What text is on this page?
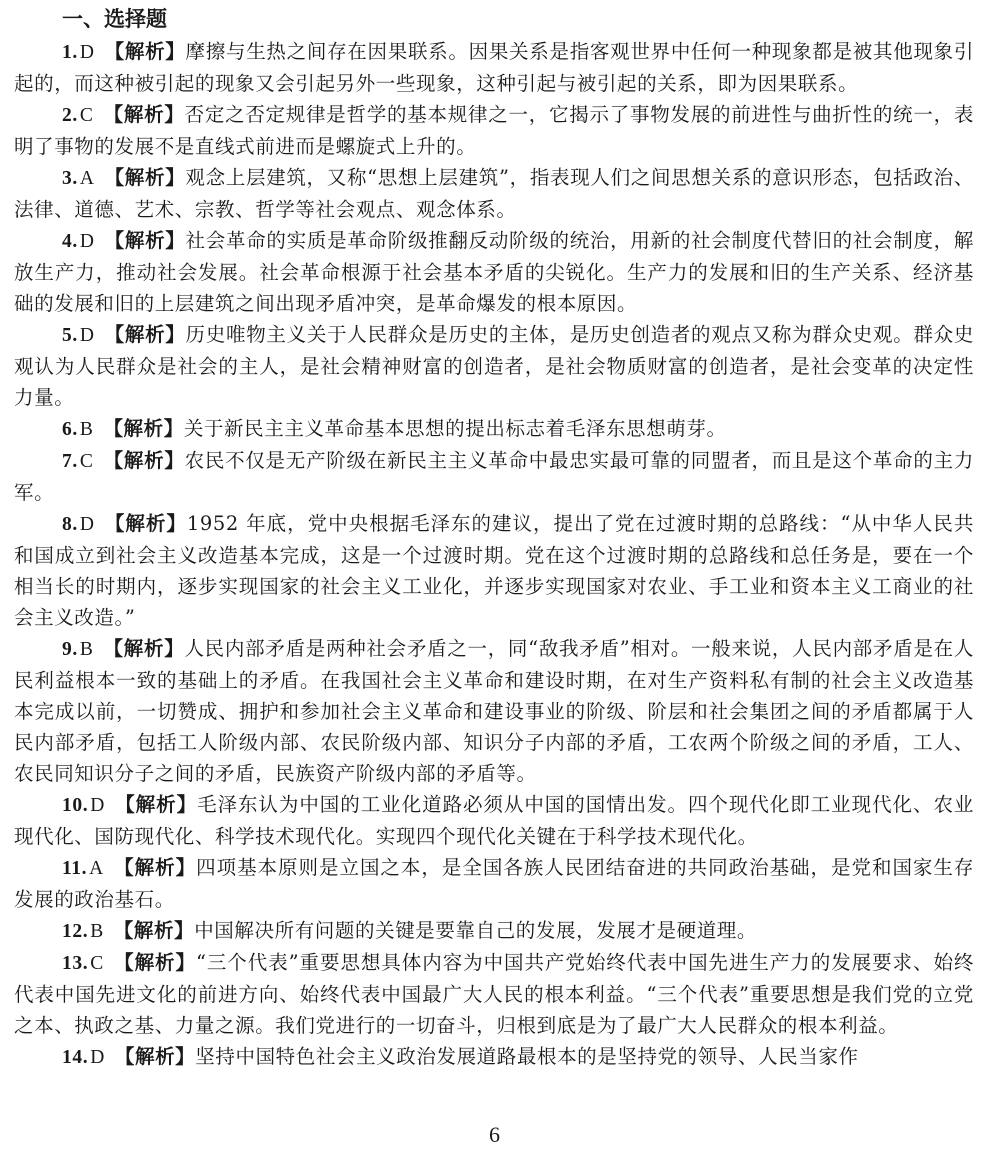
一、选择题

1. D 【解析】摩擦与生热之间存在因果联系。因果关系是指客观世界中任何一种现象都是被其他现象引起的，而这种被引起的现象又会引起另外一些现象，这种引起与被引起的关系，即为因果联系。

2. C 【解析】否定之否定规律是哲学的基本规律之一，它揭示了事物发展的前进性与曲折性的统一，表明了事物的发展不是直线式前进而是螺旋式上升的。

3. A 【解析】观念上层建筑，又称“思想上层建筑”，指表现人们之间思想关系的意识形态，包括政治、法律、道德、艺术、宗教、哲学等社会观点、观念体系。

4. D 【解析】社会革命的实质是革命阶级推翻反动阶级的统治，用新的社会制度代替旧的社会制度，解放生产力，推动社会发展。社会革命根源于社会基本矛盾的尖锐化。生产力的发展和旧的生产关系、经济基础的发展和旧的上层建筑之间出现矛盾冲突，是革命爆发的根本原因。

5. D 【解析】历史唯物主义关于人民群众是历史的主体，是历史创造者的观点又称为群众史观。群众史观认为人民群众是社会的主人，是社会精神财富的创造者，是社会物质财富的创造者，是社会变革的决定性力量。

6. B 【解析】关于新民主主义革命基本思想的提出标志着毛泽东思想萌芽。

7. C 【解析】农民不仅是无产阶级在新民主主义革命中最忠实最可靠的同盟者，而且是这个革命的主力军。

8. D 【解析】1952 年底，党中央根据毛泽东的建议，提出了党在过渡时期的总路线：“从中华人民共和国成立到社会主义改造基本完成，这是一个过渡时期。党在这个过渡时期的总路线和总任务是，要在一个相当长的时期内，逐步实现国家的社会主义工业化，并逐步实现国家对农业、手工业和资本主义工商业的社会主义改造。”

9. B 【解析】人民内部矛盾是两种社会矛盾之一，同“敌我矛盾”相对。一般来说，人民内部矛盾是在人民利益根本一致的基础上的矛盾。在我国社会主义革命和建设时期，在对生产资料私有制的社会主义改造基本完成以前，一切赞成、拥护和参加社会主义革命和建设事业的阶级、阶层和社会集团之间的矛盾都属于人民内部矛盾，包括工人阶级内部、农民阶级内部、知识分子内部的矛盾，工农两个阶级之间的矛盾，工人、农民同知识分子之间的矛盾，民族资产阶级内部的矛盾等。

10. D 【解析】毛泽东认为中国的工业化道路必须从中国的国情出发。四个现代化即工业现代化、农业现代化、国防现代化、科学技术现代化。实现四个现代化关键在于科学技术现代化。

11. A 【解析】四项基本原则是立国之本，是全国各族人民团结奋进的共同政治基础，是党和国家生存发展的政治基石。

12. B 【解析】中国解决所有问题的关键是要靠自己的发展，发展才是硬道理。

13. C 【解析】“三个代表”重要思想具体内容为中国共产党始终代表中国先进生产力的发展要求、始终代表中国先进文化的前进方向、始终代表中国最广大人民的根本利益。“三个代表”重要思想是我们党的立党之本、执政之基、力量之源。我们党进行的一切奋斗，归根到底是为了最广大人民群众的根本利益。

14. D 【解析】坚持中国特色社会主义政治发展道路最根本的是坚持党的领导、人民当家作

6
